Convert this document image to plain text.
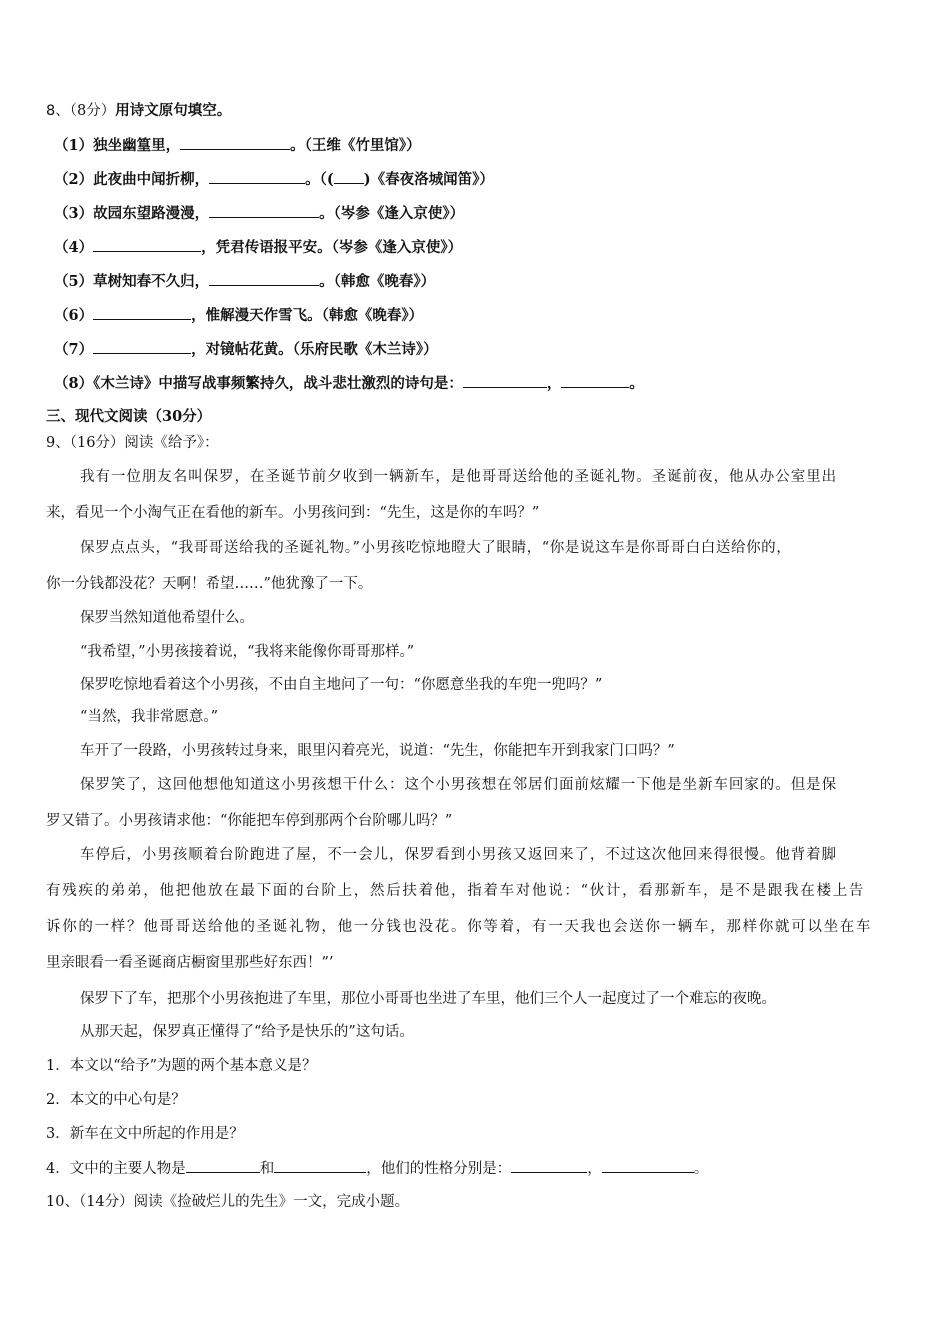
8、（8分）用诗文原句填空。
（1）独坐幽篁里，	。（王维《竹里馆》）
（2）此夜曲中闻折柳，	。（( )《春夜洛城闻笛》）
（3）故园东望路漫漫，	。（岑参《逢入京使》）
（4）	，凭君传语报平安。（岑参《逢入京使》）
（5）草树知春不久归，	。（韩愈《晚春》）
（6）	，惟解漫天作雪飞。（韩愈《晚春》）
（7）	，对镜帖花黄。（乐府民歌《木兰诗》）
（8）《木兰诗》中描写战事频繁持久，战斗悲壮激烈的诗句是：	，	。
三、现代文阅读（30分）
9、（16分）阅读《给予》：
我有一位朋友名叫保罗，在圣诞节前夕收到一辆新车，是他哥哥送给他的圣诞礼物。圣诞前夜，他从办公室里出
来，看见一个小淘气正在看他的新车。小男孩问到：“先生，这是你的车吗？”
保罗点点头，“我哥哥送给我的圣诞礼物。”小男孩吃惊地瞪大了眼睛，“你是说这车是你哥哥白白送给你的，
你一分钱都没花？天啊！希望……”他犹豫了一下。
保罗当然知道他希望什么。
“我希望，”小男孩接着说，“我将来能像你哥哥那样。”
保罗吃惊地看着这个小男孩，不由自主地问了一句：“你愿意坐我的车兜一兜吗？”
“当然，我非常愿意。”
车开了一段路，小男孩转过身来，眼里闪着亮光，说道：“先生，你能把车开到我家门口吗？”
保罗笑了，这回他想他知道这小男孩想干什么：这个小男孩想在邻居们面前炫耀一下他是坐新车回家的。但是保
罗又错了。小男孩请求他：“你能把车停到那两个台阶哪儿吗？”
车停后，小男孩顺着台阶跑进了屋，不一会儿，保罗看到小男孩又返回来了，不过这次他回来得很慢。他背着脚
有残疾的弟弟，他把他放在最下面的台阶上，然后扶着他，指着车对他说：“伙计，看那新车，是不是跟我在楼上告
诉你的一样？他哥哥送给他的圣诞礼物，他一分钱也没花。你等着，有一天我也会送你一辆车，那样你就可以坐在车
里亲眼看一看圣诞商店橱窗里那些好东西！”’
保罗下了车，把那个小男孩抱进了车里，那位小哥哥也坐进了车里，他们三个人一起度过了一个难忘的夜晚。
从那天起，保罗真正懂得了“给予是快乐的”这句话。
1．本文以“给予”为题的两个基本意义是？
2．本文的中心句是？
3．新车在文中所起的作用是？
4．文中的主要人物是	和	，他们的性格分别是：	，	。
10、（14分）阅读《捡破烂儿的先生》一文，完成小题。
